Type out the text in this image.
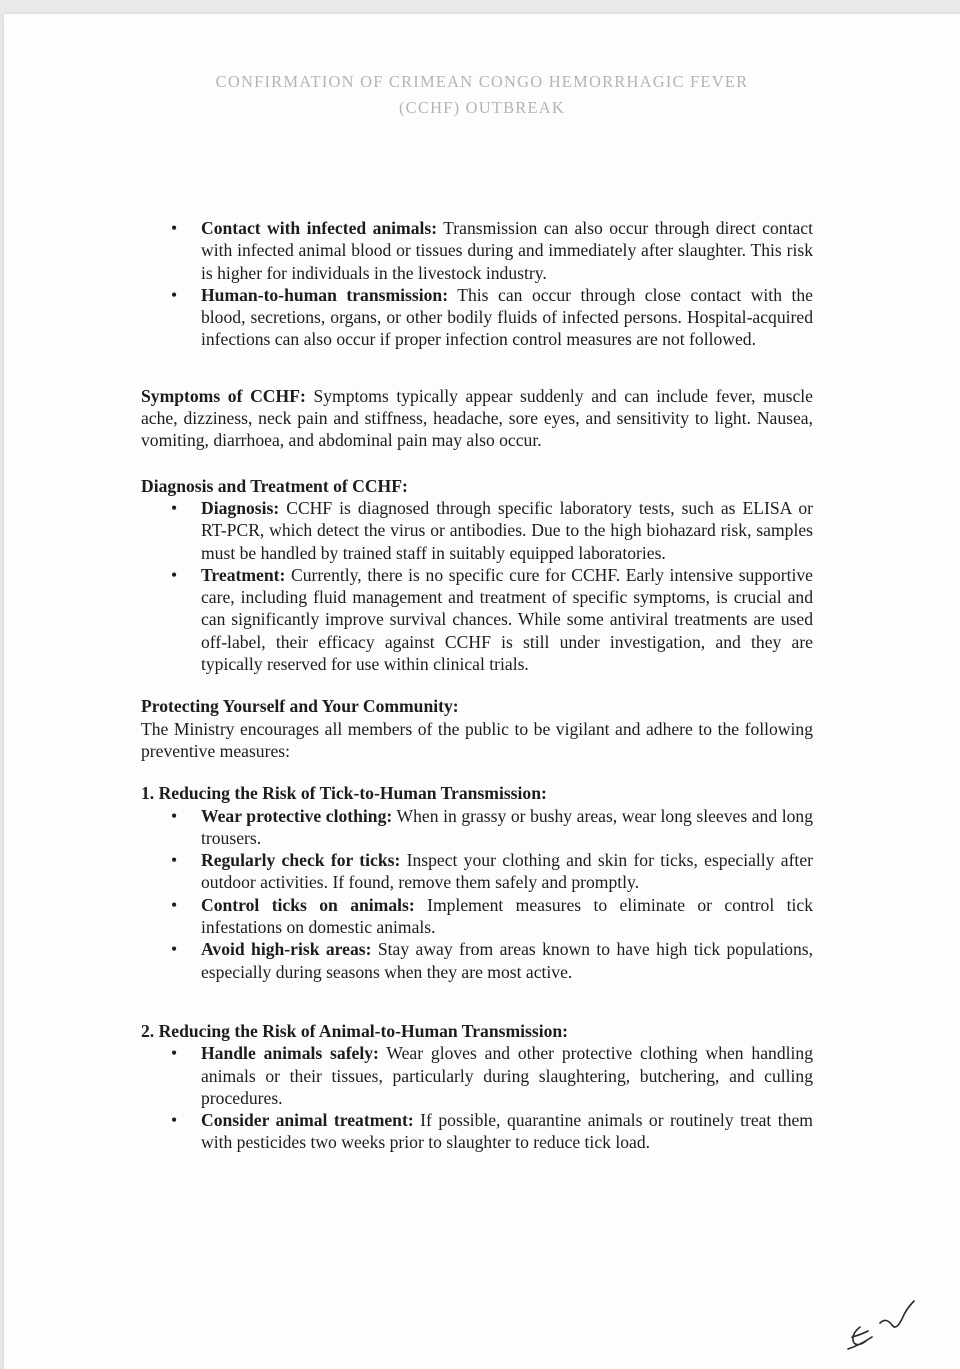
CONFIRMATION OF CRIMEAN CONGO HEMORRHAGIC FEVER
(CCHF) OUTBREAK
• Contact with infected animals: Transmission can also occur through direct contact with infected animal blood or tissues during and immediately after slaughter. This risk is higher for individuals in the livestock industry.
• Human-to-human transmission: This can occur through close contact with the blood, secretions, organs, or other bodily fluids of infected persons. Hospital-acquired infections can also occur if proper infection control measures are not followed.

Symptoms of CCHF: Symptoms typically appear suddenly and can include fever, muscle ache, dizziness, neck pain and stiffness, headache, sore eyes, and sensitivity to light. Nausea, vomiting, diarrhoea, and abdominal pain may also occur.

Diagnosis and Treatment of CCHF:

• Diagnosis: CCHF is diagnosed through specific laboratory tests, such as ELISA or RT-PCR, which detect the virus or antibodies. Due to the high biohazard risk, samples must be handled by trained staff in suitably equipped laboratories.
• Treatment: Currently, there is no specific cure for CCHF. Early intensive supportive care, including fluid management and treatment of specific symptoms, is crucial and can significantly improve survival chances. While some antiviral treatments are used off-label, their efficacy against CCHF is still under investigation, and they are typically reserved for use within clinical trials.

Protecting Yourself and Your Community:

The Ministry encourages all members of the public to be vigilant and adhere to the following preventive measures:

1. Reducing the Risk of Tick-to-Human Transmission:

• Wear protective clothing: When in grassy or bushy areas, wear long sleeves and long trousers.
• Regularly check for ticks: Inspect your clothing and skin for ticks, especially after outdoor activities. If found, remove them safely and promptly.
• Control ticks on animals: Implement measures to eliminate or control tick infestations on domestic animals.
• Avoid high-risk areas: Stay away from areas known to have high tick populations, especially during seasons when they are most active.

2. Reducing the Risk of Animal-to-Human Transmission:

• Handle animals safely: Wear gloves and other protective clothing when handling animals or their tissues, particularly during slaughtering, butchering, and culling procedures.
• Consider animal treatment: If possible, quarantine animals or routinely treat them with pesticides two weeks prior to slaughter to reduce tick load.
